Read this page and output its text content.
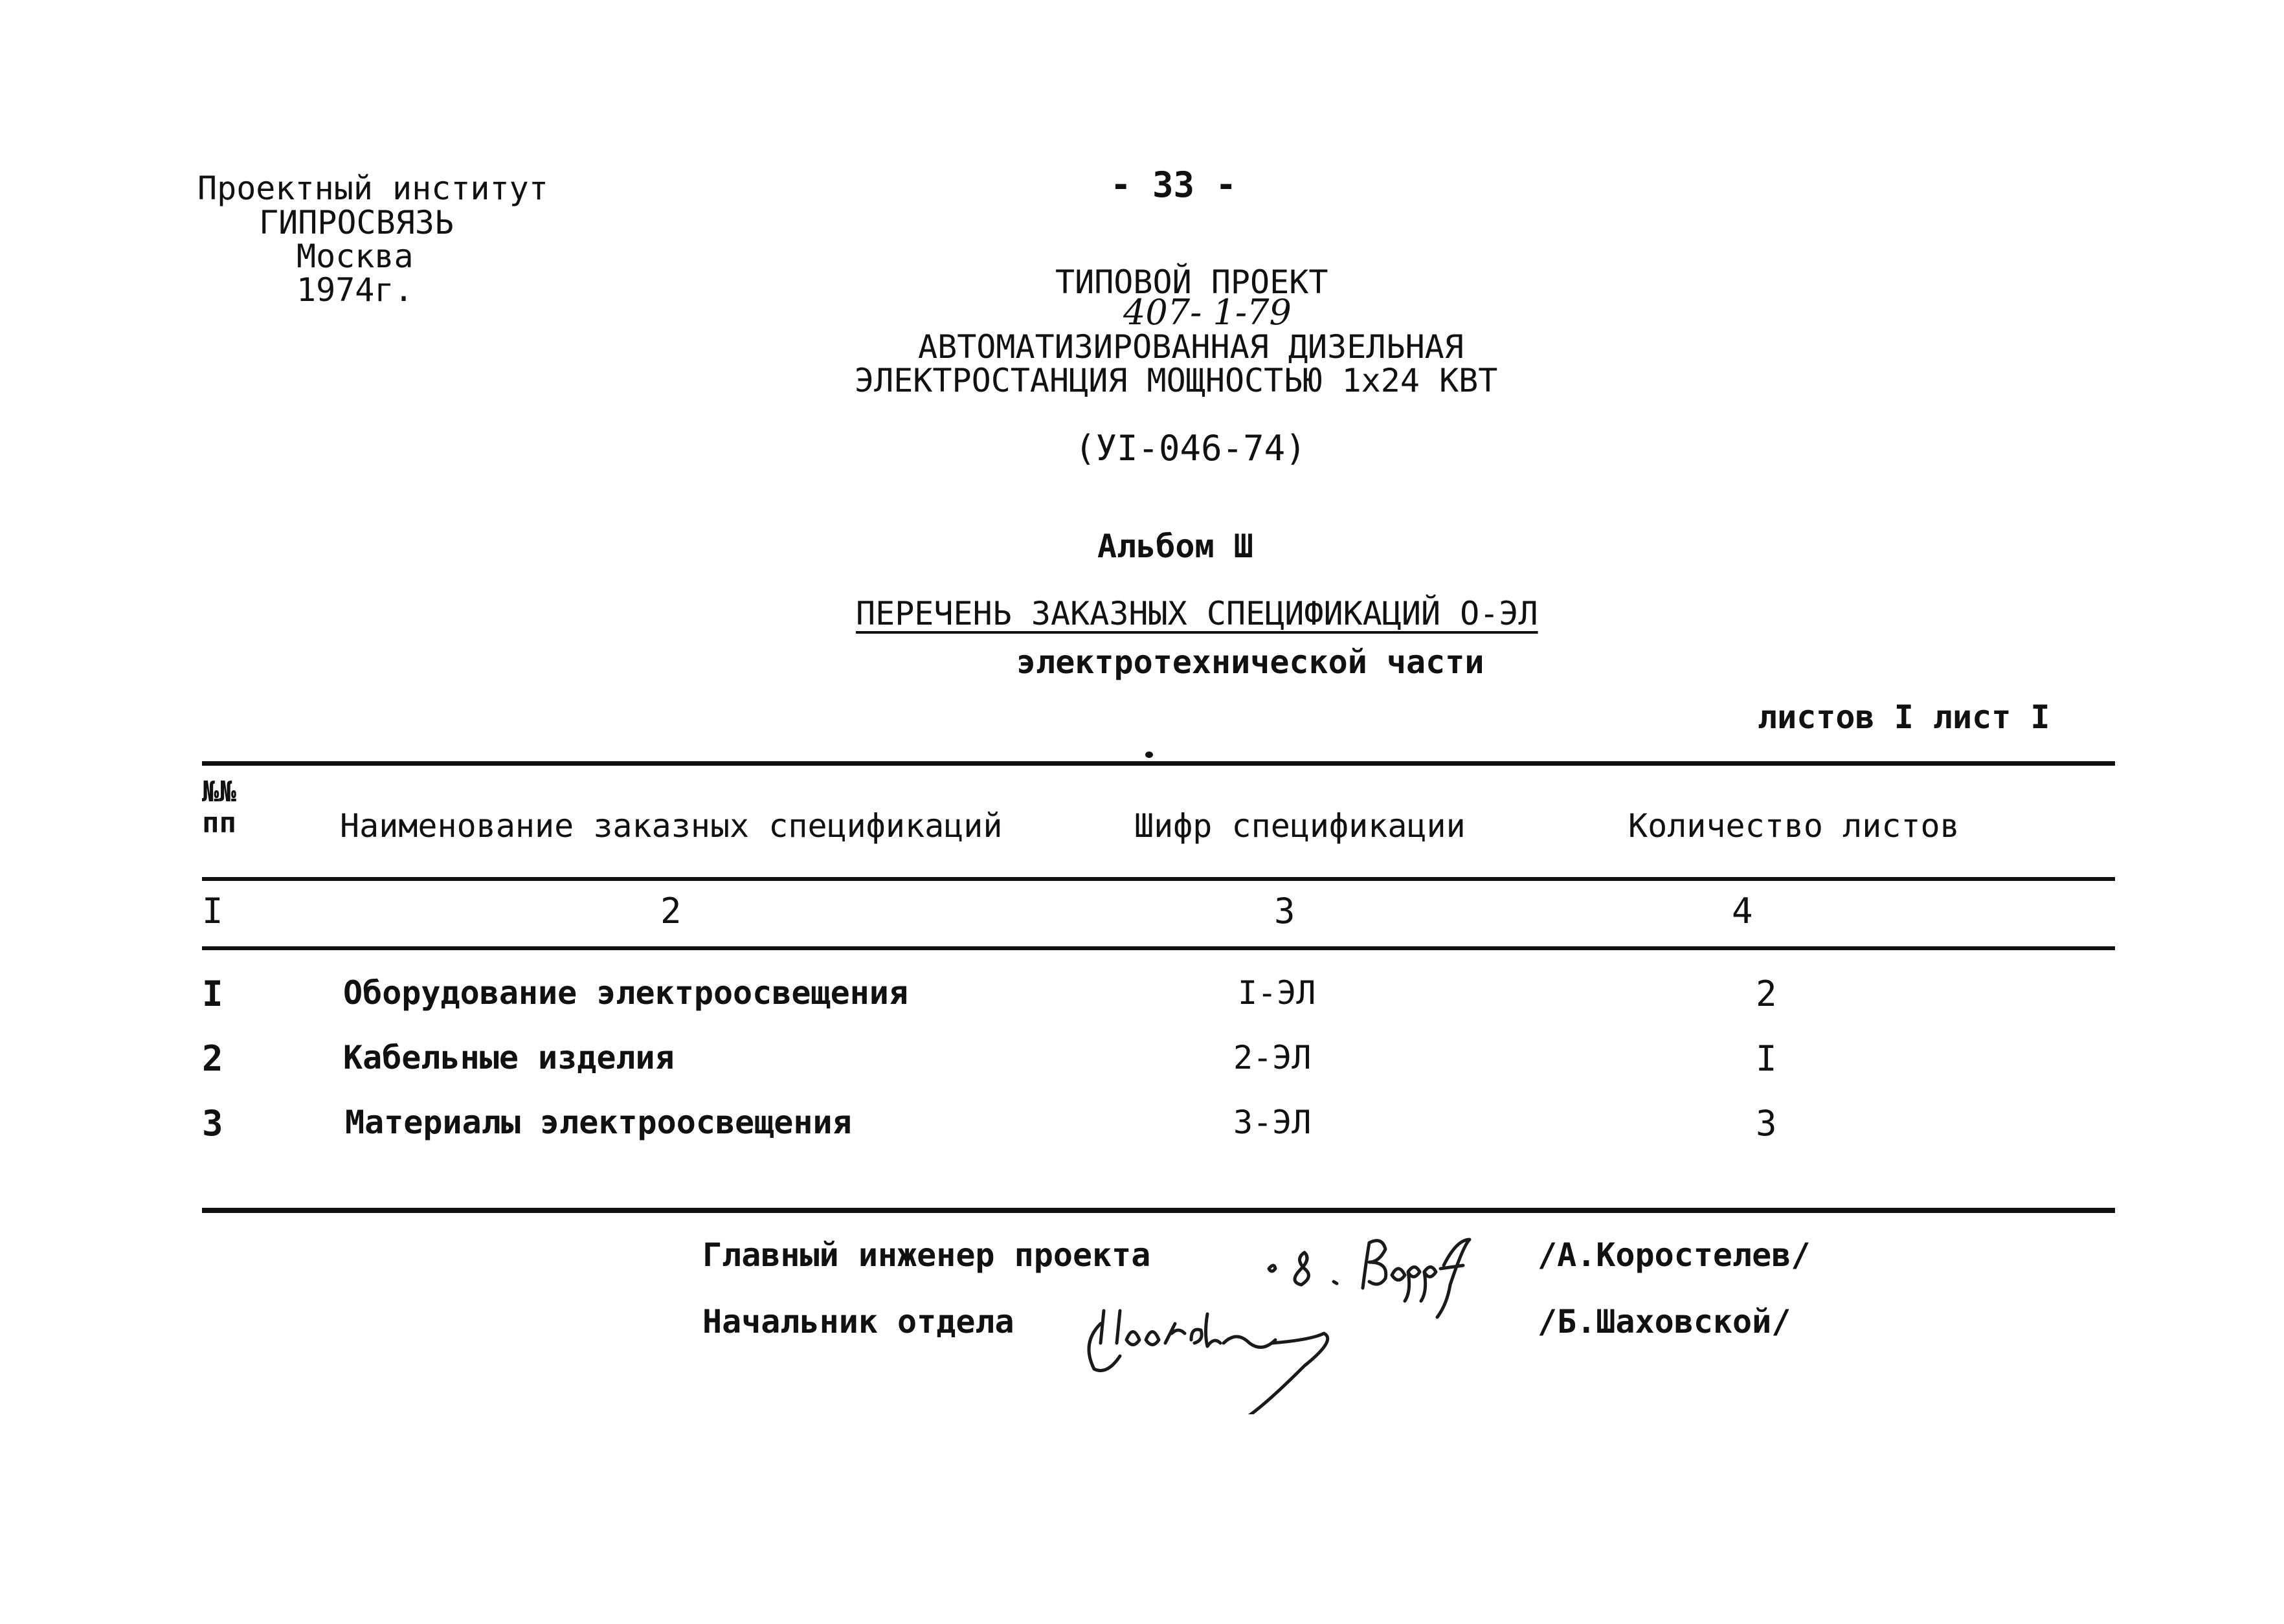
Проектный институт
ГИПРОСВЯЗЬ
Москва
1974г.
- 33 -
ТИПОВОЙ ПРОЕКТ
407- 1-79
АВТОМАТИЗИРОВАННАЯ ДИЗЕЛЬНАЯ
ЭЛЕКТРОСТАНЦИЯ МОЩНОСТЬЮ 1х24 КВТ
(УI-046-74)
Альбом Ш
ПЕРЕЧЕНЬ ЗАКАЗНЫХ СПЕЦИФИКАЦИЙ О-ЭЛ
электротехнической части
листов I лист I
№№
пп	Наименование заказных спецификаций	Шифр спецификации	Количество листов
I	2	3	4
I	Оборудование электроосвещения	I-ЭЛ	2
2	Кабельные изделия	2-ЭЛ	I
3	Материалы электроосвещения	3-ЭЛ	3
Главный инженер проекта	/А.Коростелев/
Начальник отдела	/Б.Шаховской/
